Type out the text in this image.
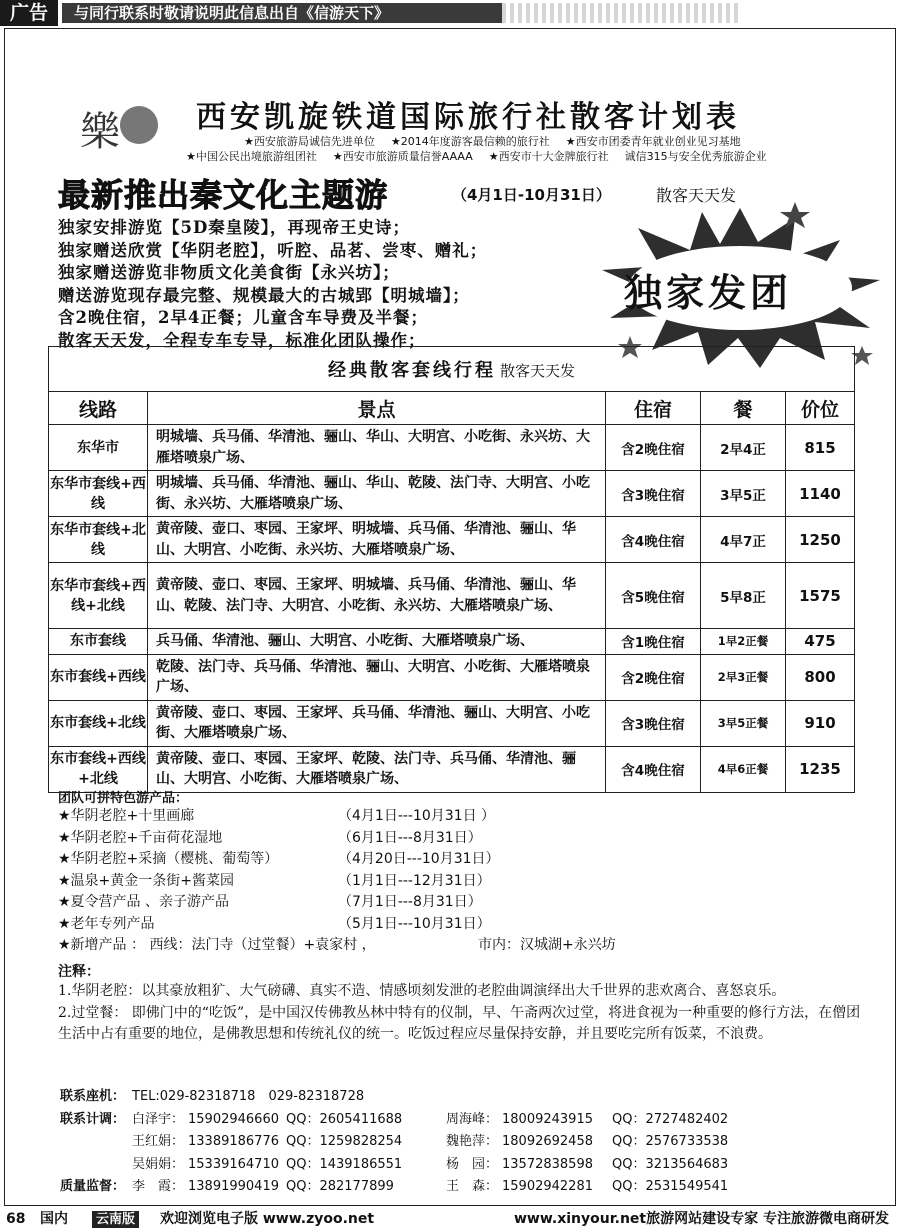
广告	与同行联系时敬请说明此信息出自《信游天下》
樂	西安凯旋铁道国际旅行社散客计划表
★西安旅游局诚信先进单位 ★2014年度游客最信赖的旅行社 ★西安市团委青年就业创业见习基地
★中国公民出境旅游组团社 ★西安市旅游质量信誉AAAA ★西安市十大金牌旅行社 诚信315与安全优秀旅游企业
最新推出秦文化主题游	（4月1日-10月31日）	散客天天发
独家安排游览【5D秦皇陵】，再现帝王史诗；
独家赠送欣赏【华阴老腔】，听腔、品茗、尝枣、赠礼；
独家赠送游览非物质文化美食街【永兴坊】；
赠送游览现存最完整、规模最大的古城郢【明城墙】；
含2晚住宿，2早4正餐；儿童含车导费及半餐；
散客天天发，全程专车专导，标准化团队操作；
独家发团
经典散客套线行程 散客天天发				
线路	景点	住宿	餐	价位
东华市	明城墙、兵马俑、华清池、骊山、华山、大明宫、小吃街、永兴坊、大雁塔喷泉广场、	含2晚住宿	2早4正	815
东华市套线+西线	明城墙、兵马俑、华清池、骊山、华山、乾陵、法门寺、大明宫、小吃街、永兴坊、大雁塔喷泉广场、	含3晚住宿	3早5正	1140
东华市套线+北线	黄帝陵、壶口、枣园、王家坪、明城墙、兵马俑、华清池、骊山、华山、大明宫、小吃街、永兴坊、大雁塔喷泉广场、	含4晚住宿	4早7正	1250
东华市套线+西线+北线	黄帝陵、壶口、枣园、王家坪、明城墙、兵马俑、华清池、骊山、华山、乾陵、法门寺、大明宫、小吃街、永兴坊、大雁塔喷泉广场、	含5晚住宿	5早8正	1575
东市套线	兵马俑、华清池、骊山、大明宫、小吃街、大雁塔喷泉广场、	含1晚住宿	1早2正餐	475
东市套线+西线	乾陵、法门寺、兵马俑、华清池、骊山、大明宫、小吃街、大雁塔喷泉广场、	含2晚住宿	2早3正餐	800
东市套线+北线	黄帝陵、壶口、枣园、王家坪、兵马俑、华清池、骊山、大明宫、小吃街、大雁塔喷泉广场、	含3晚住宿	3早5正餐	910
东市套线+西线+北线	黄帝陵、壶口、枣园、王家坪、乾陵、法门寺、兵马俑、华清池、骊山、大明宫、小吃街、大雁塔喷泉广场、	含4晚住宿	4早6正餐	1235
团队可拼特色游产品：
★华阴老腔+十里画廊	（4月1日---10月31日 ）
★华阴老腔+千亩荷花湿地	（6月1日---8月31日）
★华阴老腔+采摘（樱桃、葡萄等）	（4月20日---10月31日）
★温泉+黄金一条街+酱菜园	（1月1日---12月31日）
★夏令营产品 、亲子游产品	（7月1日---8月31日）
★老年专列产品	（5月1日---10月31日）
★新增产品 ： 西线：法门寺（过堂餐）+袁家村 ，	市内：汉城湖+永兴坊
注释：
1.华阴老腔：以其豪放粗犷、大气磅礴、真实不造、情感顷刻发泄的老腔曲调演绎出大千世界的悲欢离合、喜怒哀乐。
2.过堂餐： 即佛门中的“吃饭”，是中国汉传佛教丛林中特有的仪制，早、午斋两次过堂，将进食视为一种重要的修行方法，在僧团生活中占有重要的地位，是佛教思想和传统礼仪的统一。吃饭过程应尽量保持安静，并且要吃完所有饭菜，不浪费。
联系座机： TEL:029-82318718　029-82318728
联系计调： 白泽宇： 15902946660 QQ：2605411688	周海峰： 18009243915 QQ：2727482402
王红娟： 13389186776 QQ：1259828254	魏艳萍： 18092692458 QQ：2576733538
吴娟娟： 15339164710 QQ：1439186551	杨　园： 13572838598 QQ：3213564683
质量监督： 李　霞： 13891990419 QQ：282177899	王　森： 15902942281 QQ：2531549541
68 国内	云南版 欢迎浏览电子版 www.zyoo.net	www.xinyour.net旅游网站建设专家 专注旅游微电商研发
